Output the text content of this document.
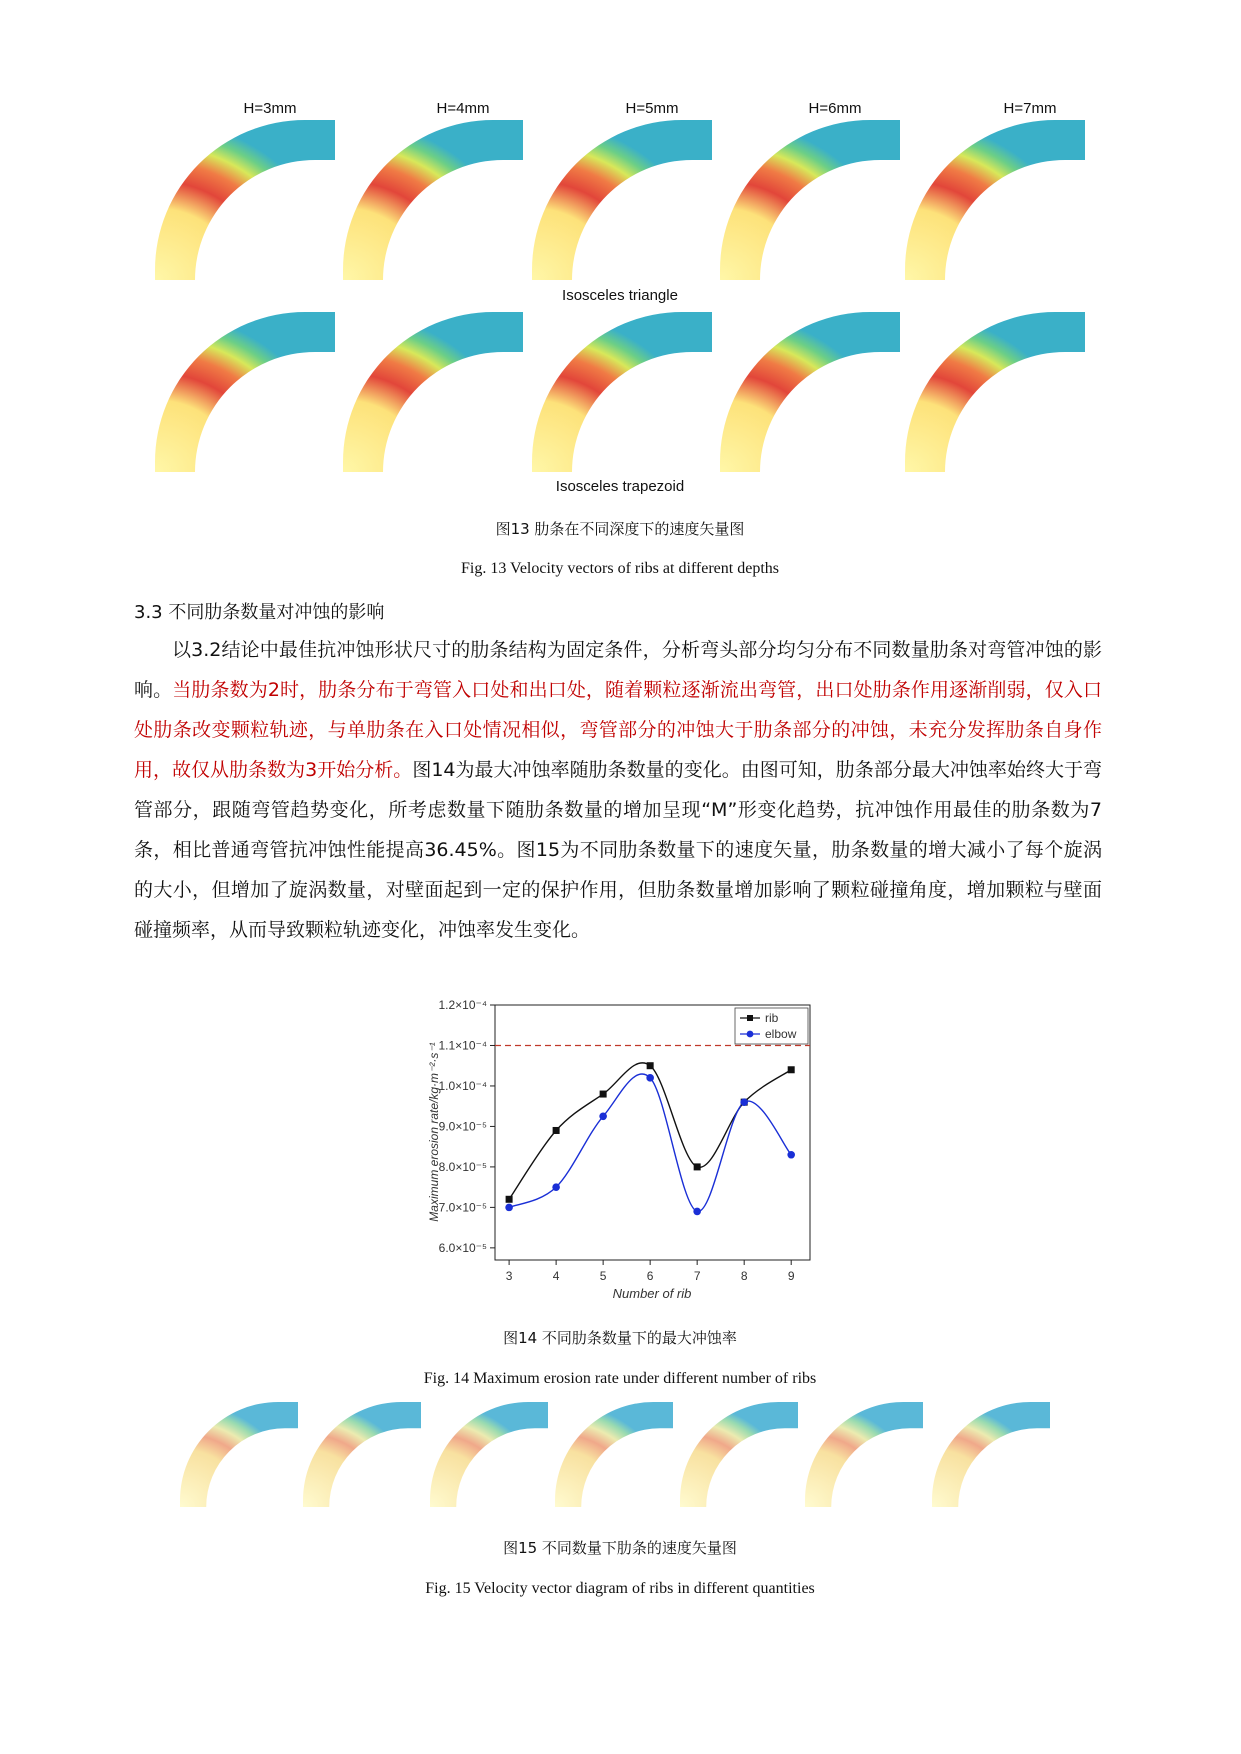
H=3mm	H=4mm	H=5mm	H=6mm	H=7mm
Isosceles triangle
Isosceles trapezoid
图13 肋条在不同深度下的速度矢量图
Fig. 13 Velocity vectors of ribs at different depths
3.3 不同肋条数量对冲蚀的影响

以3.2结论中最佳抗冲蚀形状尺寸的肋条结构为固定条件，分析弯头部分均匀分布不同数量肋条对弯管冲蚀的影响。当肋条数为2时，肋条分布于弯管入口处和出口处，随着颗粒逐渐流出弯管，出口处肋条作用逐渐削弱，仅入口处肋条改变颗粒轨迹，与单肋条在入口处情况相似，弯管部分的冲蚀大于肋条部分的冲蚀，未充分发挥肋条自身作用，故仅从肋条数为3开始分析。图14为最大冲蚀率随肋条数量的变化。由图可知，肋条部分最大冲蚀率始终大于弯管部分，跟随弯管趋势变化，所考虑数量下随肋条数量的增加呈现“M”形变化趋势，抗冲蚀作用最佳的肋条数为7条，相比普通弯管抗冲蚀性能提高36.45%。图15为不同肋条数量下的速度矢量，肋条数量的增大减小了每个旋涡的大小，但增加了旋涡数量，对壁面起到一定的保护作用，但肋条数量增加影响了颗粒碰撞角度，增加颗粒与壁面碰撞频率，从而导致颗粒轨迹变化，冲蚀率发生变化。

6.0×10⁻⁵
7.0×10⁻⁵
8.0×10⁻⁵
9.0×10⁻⁵
1.0×10⁻⁴
1.1×10⁻⁴
1.2×10⁻⁴
3	4	5	6	7	8	9
rib
elbow
Number of rib
Maximum erosion rate/kg·m⁻²·s⁻¹
图14 不同肋条数量下的最大冲蚀率
Fig. 14 Maximum erosion rate under different number of ribs
图15 不同数量下肋条的速度矢量图
Fig. 15 Velocity vector diagram of ribs in different quantities
